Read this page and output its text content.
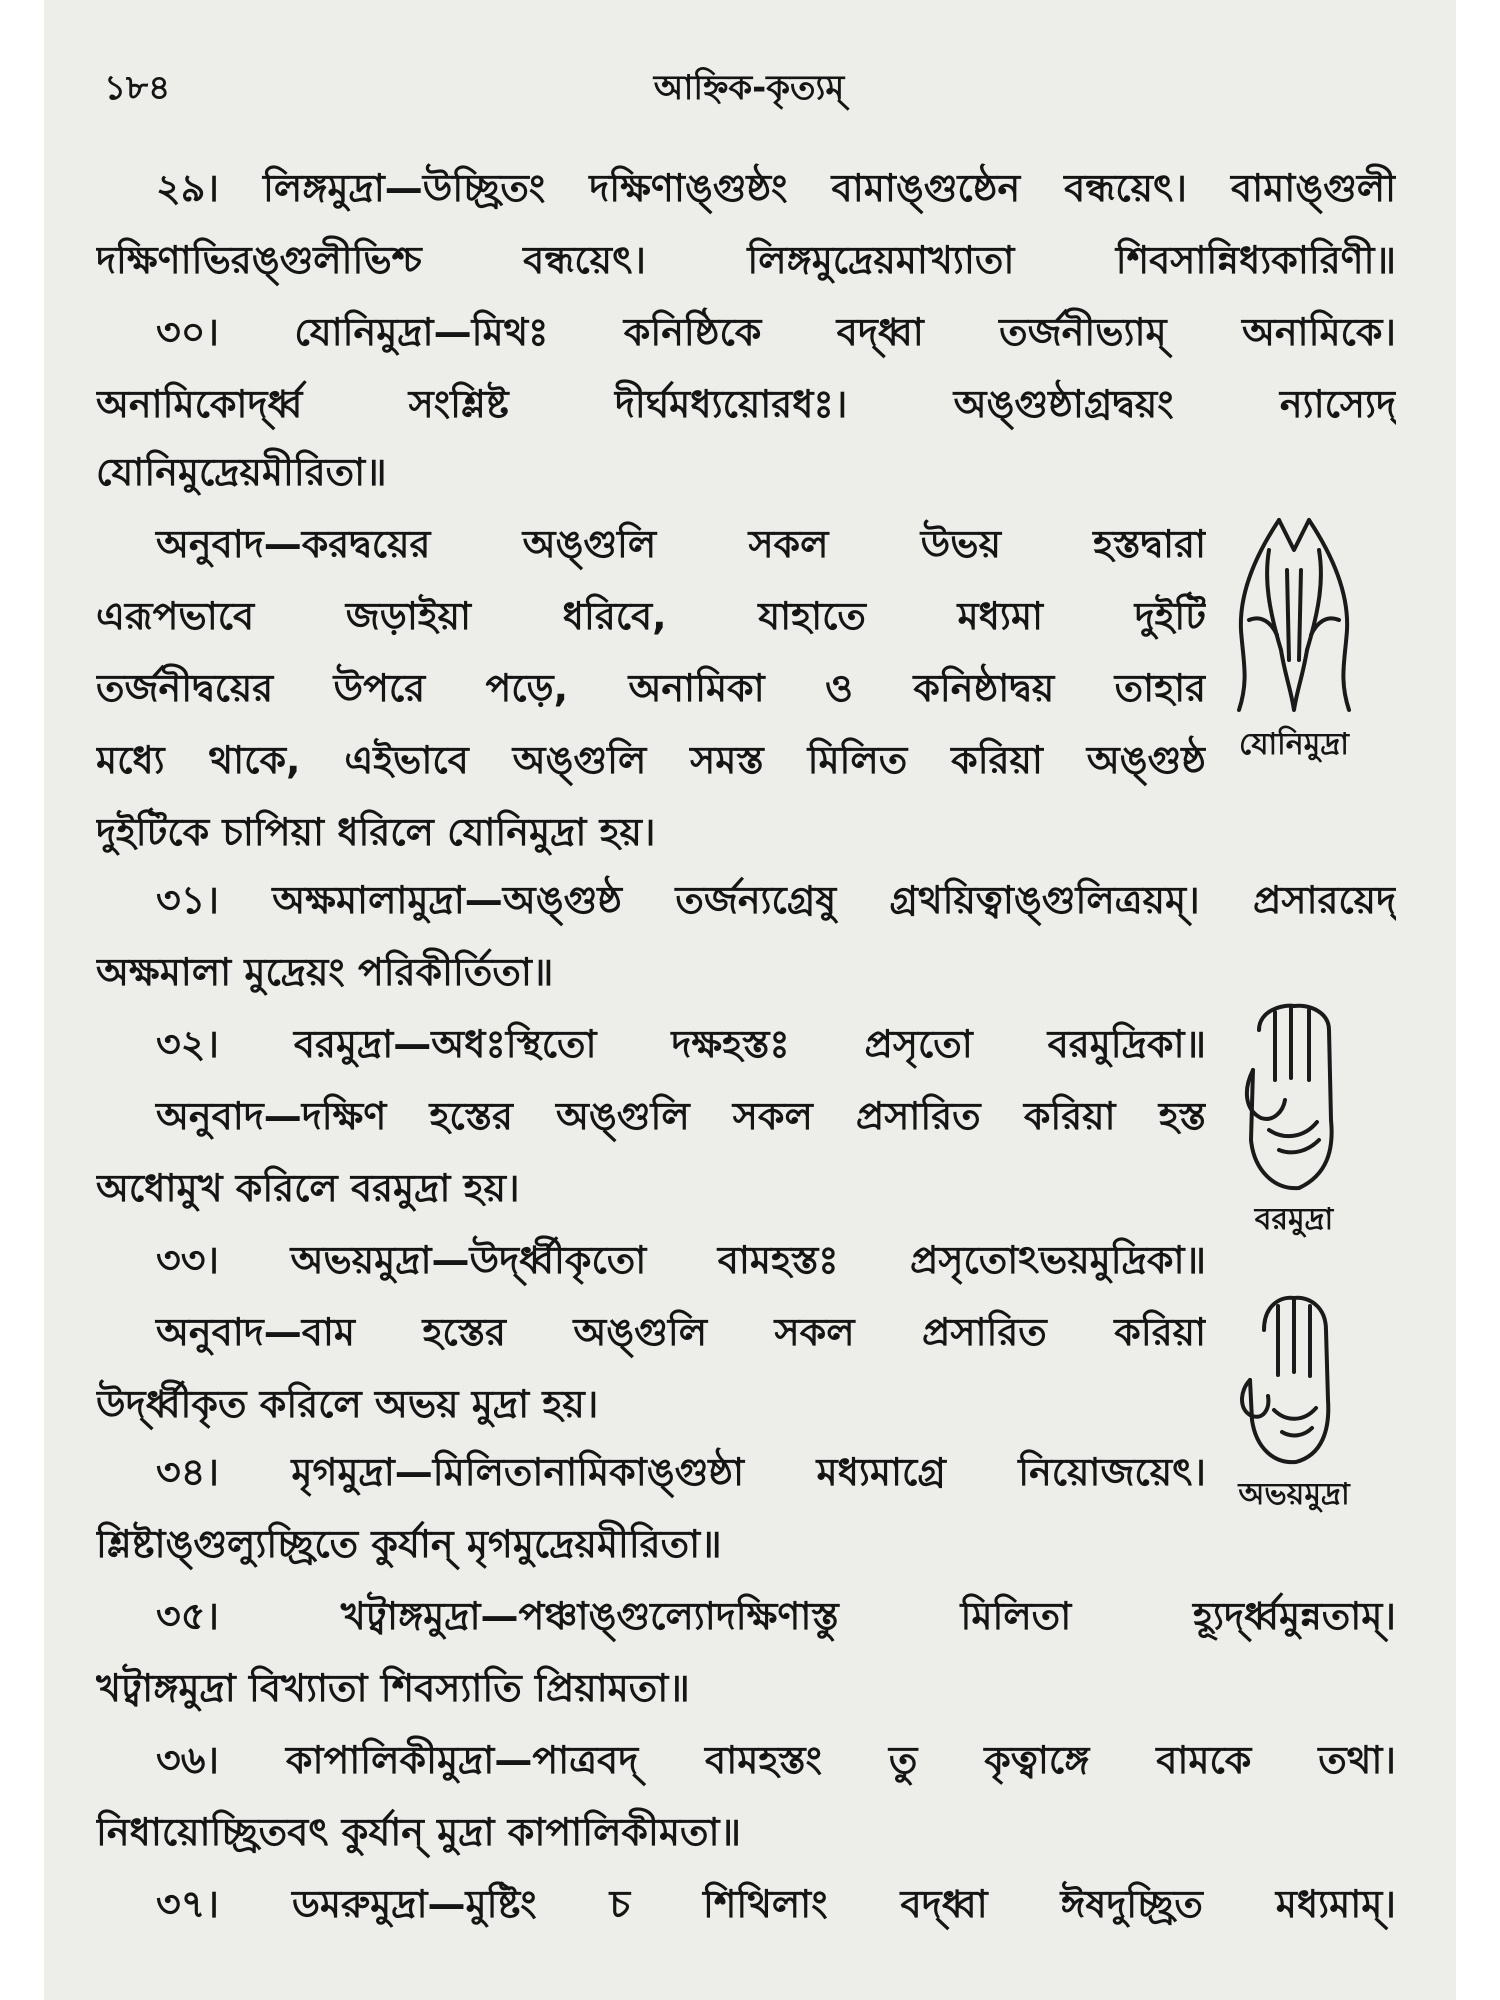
১৮৪	আহ্নিক-কৃত্যম্
২৯। লিঙ্গমুদ্রা—উচ্ছ্রিতং দক্ষিণাঙ্গুষ্ঠং বামাঙ্গুষ্ঠেন বন্ধয়েৎ। বামাঙ্গুলী
দক্ষিণাভিরঙ্গুলীভিশ্চ বন্ধয়েৎ। লিঙ্গমুদ্রেয়মাখ্যাতা শিবসান্নিধ্যকারিণী॥
৩০। যোনিমুদ্রা—মিথঃ কনিষ্ঠিকে বদ্ধ্বা তর্জনীভ্যাম্ অনামিকে।
অনামিকোর্দ্ধ্ব সংশ্লিষ্ট দীর্ঘমধ্যয়োরধঃ। অঙ্গুষ্ঠাগ্রদ্বয়ং ন্যাস্যেদ্
যোনিমুদ্রেয়মীরিতা॥
অনুবাদ—করদ্বয়ের অঙ্গুলি সকল উভয় হস্তদ্বারা
এরূপভাবে জড়াইয়া ধরিবে, যাহাতে মধ্যমা দুইটি
তর্জনীদ্বয়ের উপরে পড়ে, অনামিকা ও কনিষ্ঠাদ্বয় তাহার
মধ্যে থাকে, এইভাবে অঙ্গুলি সমস্ত মিলিত করিয়া অঙ্গুষ্ঠ
দুইটিকে চাপিয়া ধরিলে যোনিমুদ্রা হয়।
৩১। অক্ষমালামুদ্রা—অঙ্গুষ্ঠ তর্জন্যগ্রেষু গ্রথয়িত্বাঙ্গুলিত্রয়ম্। প্রসারয়েদ্
অক্ষমালা মুদ্রেয়ং পরিকীর্তিতা॥
৩২। বরমুদ্রা—অধঃস্থিতো দক্ষহস্তঃ প্রসৃতো বরমুদ্রিকা॥
অনুবাদ—দক্ষিণ হস্তের অঙ্গুলি সকল প্রসারিত করিয়া হস্ত
অধোমুখ করিলে বরমুদ্রা হয়।
৩৩। অভয়মুদ্রা—উর্দ্ধ্বীকৃতো বামহস্তঃ প্রসৃতোঽভয়মুদ্রিকা॥
অনুবাদ—বাম হস্তের অঙ্গুলি সকল প্রসারিত করিয়া
উর্দ্ধ্বীকৃত করিলে অভয় মুদ্রা হয়।
৩৪। মৃগমুদ্রা—মিলিতানামিকাঙ্গুষ্ঠা মধ্যমাগ্রে নিয়োজয়েৎ।
শ্লিষ্টাঙ্গুল্যুচ্ছ্রিতে কুর্যান্ মৃগমুদ্রেয়মীরিতা॥
৩৫। খট্বাঙ্গমুদ্রা—পঞ্চাঙ্গুল্যোদক্ষিণাস্তু মিলিতা হ্যূর্দ্ধ্বমুন্নতাম্।
খট্বাঙ্গমুদ্রা বিখ্যাতা শিবস্যাতি প্রিয়ামতা॥
৩৬। কাপালিকীমুদ্রা—পাত্রবদ্ বামহস্তং তু কৃত্বাঙ্গে বামকে তথা।
নিধায়োচ্ছ্রিতবৎ কুর্যান্ মুদ্রা কাপালিকীমতা॥
৩৭। ডমরুমুদ্রা—মুষ্টিং চ শিথিলাং বদ্ধ্বা ঈষদুচ্ছ্রিত মধ্যমাম্।
যোনিমুদ্রা
বরমুদ্রা
অভয়মুদ্রা
